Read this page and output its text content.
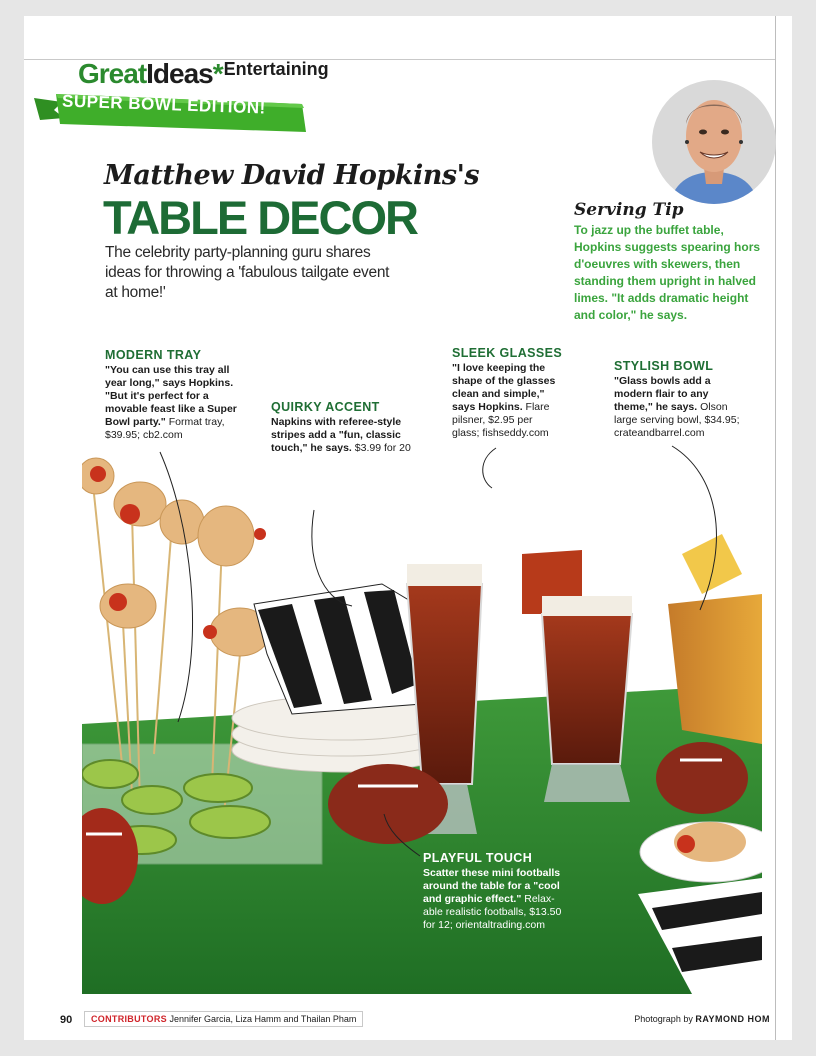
GreatIdeas*Entertaining
SUPER BOWL EDITION!
Matthew David Hopkins's
TABLE DECOR
The celebrity party-planning guru shares ideas for throwing a 'fabulous tailgate event at home!'
Serving Tip
To jazz up the buffet table, Hopkins suggests spearing hors d'oeuvres with skewers, then standing them upright in halved limes. "It adds dramatic height and color," he says.
MODERN TRAY
"You can use this tray all year long," says Hopkins. "But it's perfect for a movable feast like a Super Bowl party." Format tray, $39.95; cb2.com
QUIRKY ACCENT
Napkins with referee-style stripes add a "fun, classic touch," he says. $3.99 for 20
SLEEK GLASSES
"I love keeping the shape of the glasses clean and simple," says Hopkins. Flare pilsner, $2.95 per glass; fishseddy.com
STYLISH BOWL
"Glass bowls add a modern flair to any theme," he says. Olson large serving bowl, $34.95; crateandbarrel.com
PLAYFUL TOUCH
Scatter these mini footballs around the table for a "cool and graphic effect." Relax-able realistic footballs, $13.50 for 12; orientaltrading.com
90	CONTRIBUTORS Jennifer Garcia, Liza Hamm and Thailan Pham	Photograph by RAYMOND HOM
